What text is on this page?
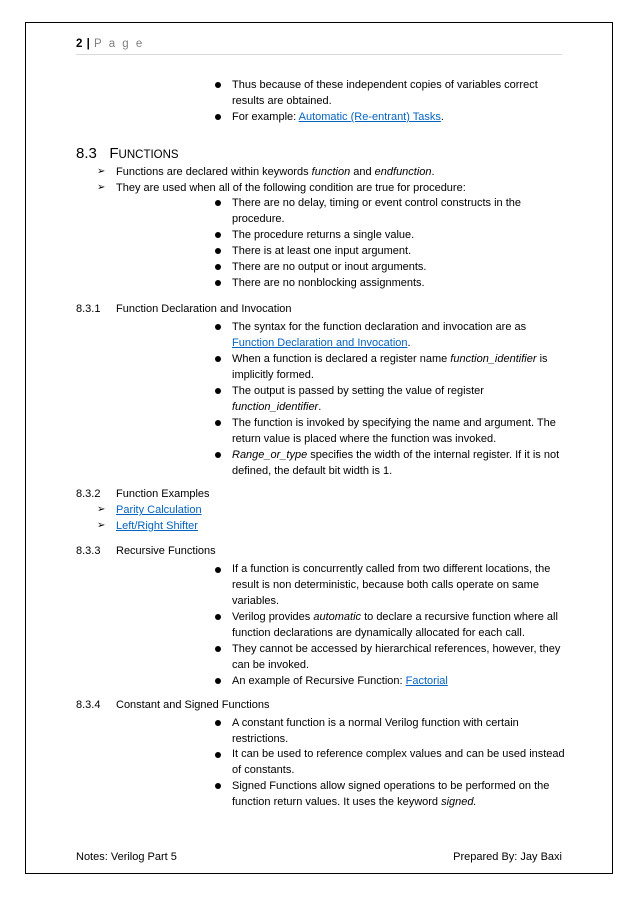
2 | P a g e
Thus because of these independent copies of variables correct
results are obtained.
For example: Automatic (Re-entrant) Tasks.
8.3 FUNCTIONS
➢ Functions are declared within keywords function and endfunction.
➢ They are used when all of the following condition are true for procedure:
There are no delay, timing or event control constructs in the
procedure.
The procedure returns a single value.
There is at least one input argument.
There are no output or inout arguments.
There are no nonblocking assignments.
8.3.1 Function Declaration and Invocation
The syntax for the function declaration and invocation are as
Function Declaration and Invocation.
When a function is declared a register name function_identifier is
implicitly formed.
The output is passed by setting the value of register
function_identifier.
The function is invoked by specifying the name and argument. The
return value is placed where the function was invoked.
Range_or_type specifies the width of the internal register. If it is not
defined, the default bit width is 1.
8.3.2 Function Examples
➢ Parity Calculation
➢ Left/Right Shifter
8.3.3 Recursive Functions
If a function is concurrently called from two different locations, the
result is non deterministic, because both calls operate on same
variables.
Verilog provides automatic to declare a recursive function where all
function declarations are dynamically allocated for each call.
They cannot be accessed by hierarchical references, however, they
can be invoked.
An example of Recursive Function: Factorial
8.3.4 Constant and Signed Functions
A constant function is a normal Verilog function with certain
restrictions.
It can be used to reference complex values and can be used instead
of constants.
Signed Functions allow signed operations to be performed on the
function return values. It uses the keyword signed.
Notes: Verilog Part 5	Prepared By: Jay Baxi
